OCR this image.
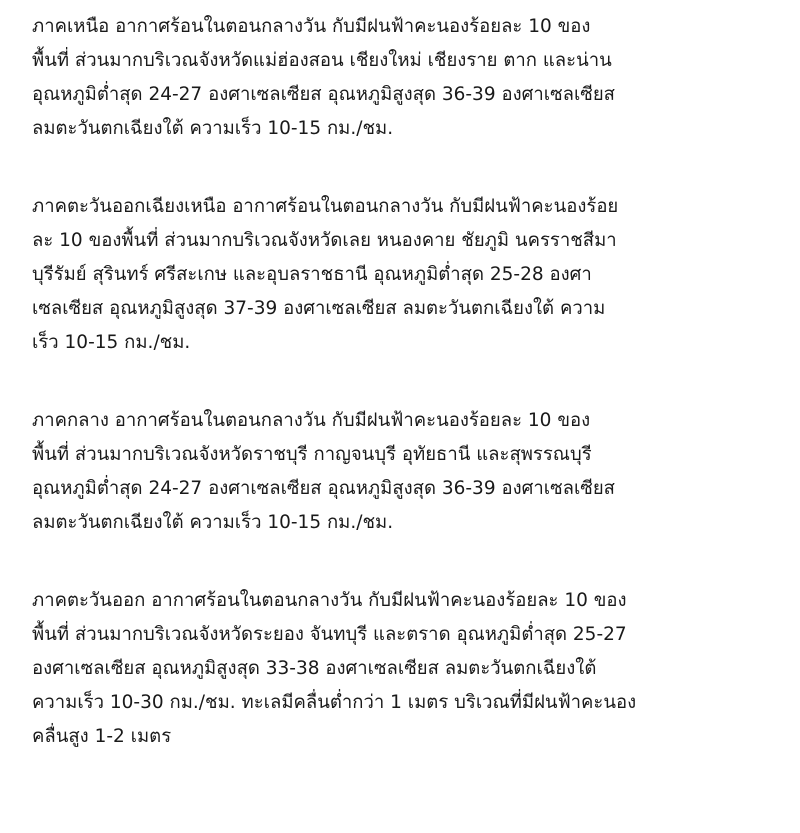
ภาคเหนือ อากาศร้อนในตอนกลางวัน กับมีฝนฟ้าคะนองร้อยละ 10 ของ

พื้นที่ ส่วนมากบริเวณจังหวัดแม่ฮ่องสอน เชียงใหม่ เชียงราย ตาก และน่าน

อุณหภูมิต่ำสุด 24-27 องศาเซลเซียส อุณหภูมิสูงสุด 36-39 องศาเซลเซียส

ลมตะวันตกเฉียงใต้ ความเร็ว 10-15 กม./ชม.

ภาคตะวันออกเฉียงเหนือ อากาศร้อนในตอนกลางวัน กับมีฝนฟ้าคะนองร้อย

ละ 10 ของพื้นที่ ส่วนมากบริเวณจังหวัดเลย หนองคาย ชัยภูมิ นครราชสีมา

บุรีรัมย์ สุรินทร์ ศรีสะเกษ และอุบลราชธานี อุณหภูมิต่ำสุด 25-28 องศา

เซลเซียส อุณหภูมิสูงสุด 37-39 องศาเซลเซียส ลมตะวันตกเฉียงใต้ ความ

เร็ว 10-15 กม./ชม.

ภาคกลาง อากาศร้อนในตอนกลางวัน กับมีฝนฟ้าคะนองร้อยละ 10 ของ

พื้นที่ ส่วนมากบริเวณจังหวัดราชบุรี กาญจนบุรี อุทัยธานี และสุพรรณบุรี

อุณหภูมิต่ำสุด 24-27 องศาเซลเซียส อุณหภูมิสูงสุด 36-39 องศาเซลเซียส

ลมตะวันตกเฉียงใต้ ความเร็ว 10-15 กม./ชม.

ภาคตะวันออก อากาศร้อนในตอนกลางวัน กับมีฝนฟ้าคะนองร้อยละ 10 ของ

พื้นที่ ส่วนมากบริเวณจังหวัดระยอง จันทบุรี และตราด อุณหภูมิต่ำสุด 25-27

องศาเซลเซียส อุณหภูมิสูงสุด 33-38 องศาเซลเซียส ลมตะวันตกเฉียงใต้

ความเร็ว 10-30 กม./ชม. ทะเลมีคลื่นต่ำกว่า 1 เมตร บริเวณที่มีฝนฟ้าคะนอง

คลื่นสูง 1-2 เมตร
